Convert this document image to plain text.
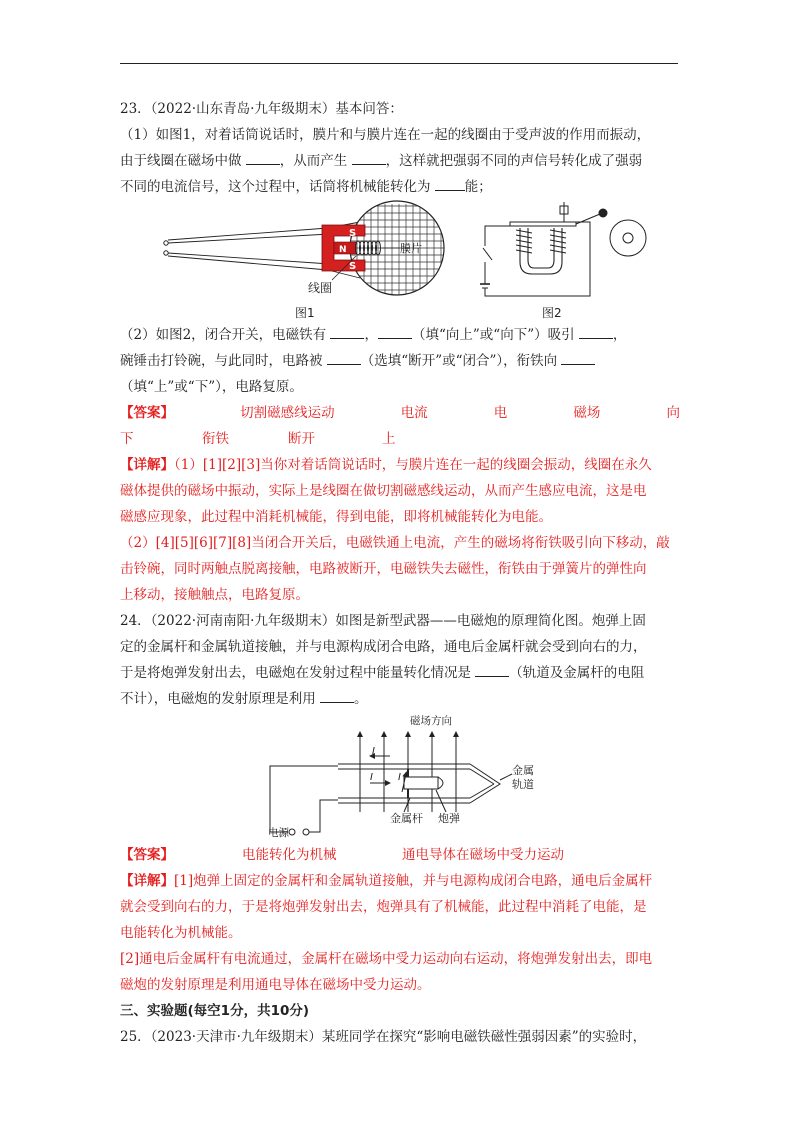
23．（2022·山东青岛·九年级期末）基本问答：
（1）如图1，对着话筒说话时，膜片和与膜片连在一起的线圈由于受声波的作用而振动，
由于线圈在磁场中做	，从而产生	，这样就把强弱不同的声信号转化成了强弱
不同的电流信号，这个过程中，话筒将机械能转化为	能；
S
N
S
膜片
线圈
图1	图2
（2）如图2，闭合开关，电磁铁有	，	（填“向上”或“向下”）吸引	，
碗锤击打铃碗，与此同时，电路被	（选填“断开”或“闭合”），衔铁向
（填“上”或“下”），电路复原。
【答案】	切割磁感线运动	电流	电	磁场	向
下	衔铁	断开	上
【详解】（1）[1][2][3]当你对着话筒说话时，与膜片连在一起的线圈会振动，线圈在永久
磁体提供的磁场中振动，实际上是线圈在做切割磁感线运动，从而产生感应电流，这是电
磁感应现象，此过程中消耗机械能，得到电能，即将机械能转化为电能。
（2）[4][5][6][7][8]当闭合开关后，电磁铁通上电流，产生的磁场将衔铁吸引向下移动，敲
击铃碗，同时两触点脱离接触，电路被断开，电磁铁失去磁性，衔铁由于弹簧片的弹性向
上移动，接触触点，电路复原。
24．（2022·河南南阳·九年级期末）如图是新型武器——电磁炮的原理简化图。炮弹上固
定的金属杆和金属轨道接触，并与电源构成闭合电路，通电后金属杆就会受到向右的力，
于是将炮弹发射出去，电磁炮在发射过程中能量转化情况是	（轨道及金属杆的电阻
不计），电磁炮的发射原理是利用	。
磁场方向
I
I	I
金属
轨道
金属杆 炮弹
电源
【答案】	电能转化为机械	通电导体在磁场中受力运动
【详解】[1]炮弹上固定的金属杆和金属轨道接触，并与电源构成闭合电路，通电后金属杆
就会受到向右的力，于是将炮弹发射出去，炮弹具有了机械能，此过程中消耗了电能，是
电能转化为机械能。
[2]通电后金属杆有电流通过，金属杆在磁场中受力运动向右运动，将炮弹发射出去，即电
磁炮的发射原理是利用通电导体在磁场中受力运动。
三、实验题(每空1分，共10分)
25．（2023·天津市·九年级期末）某班同学在探究“影响电磁铁磁性强弱因素”的实验时，
